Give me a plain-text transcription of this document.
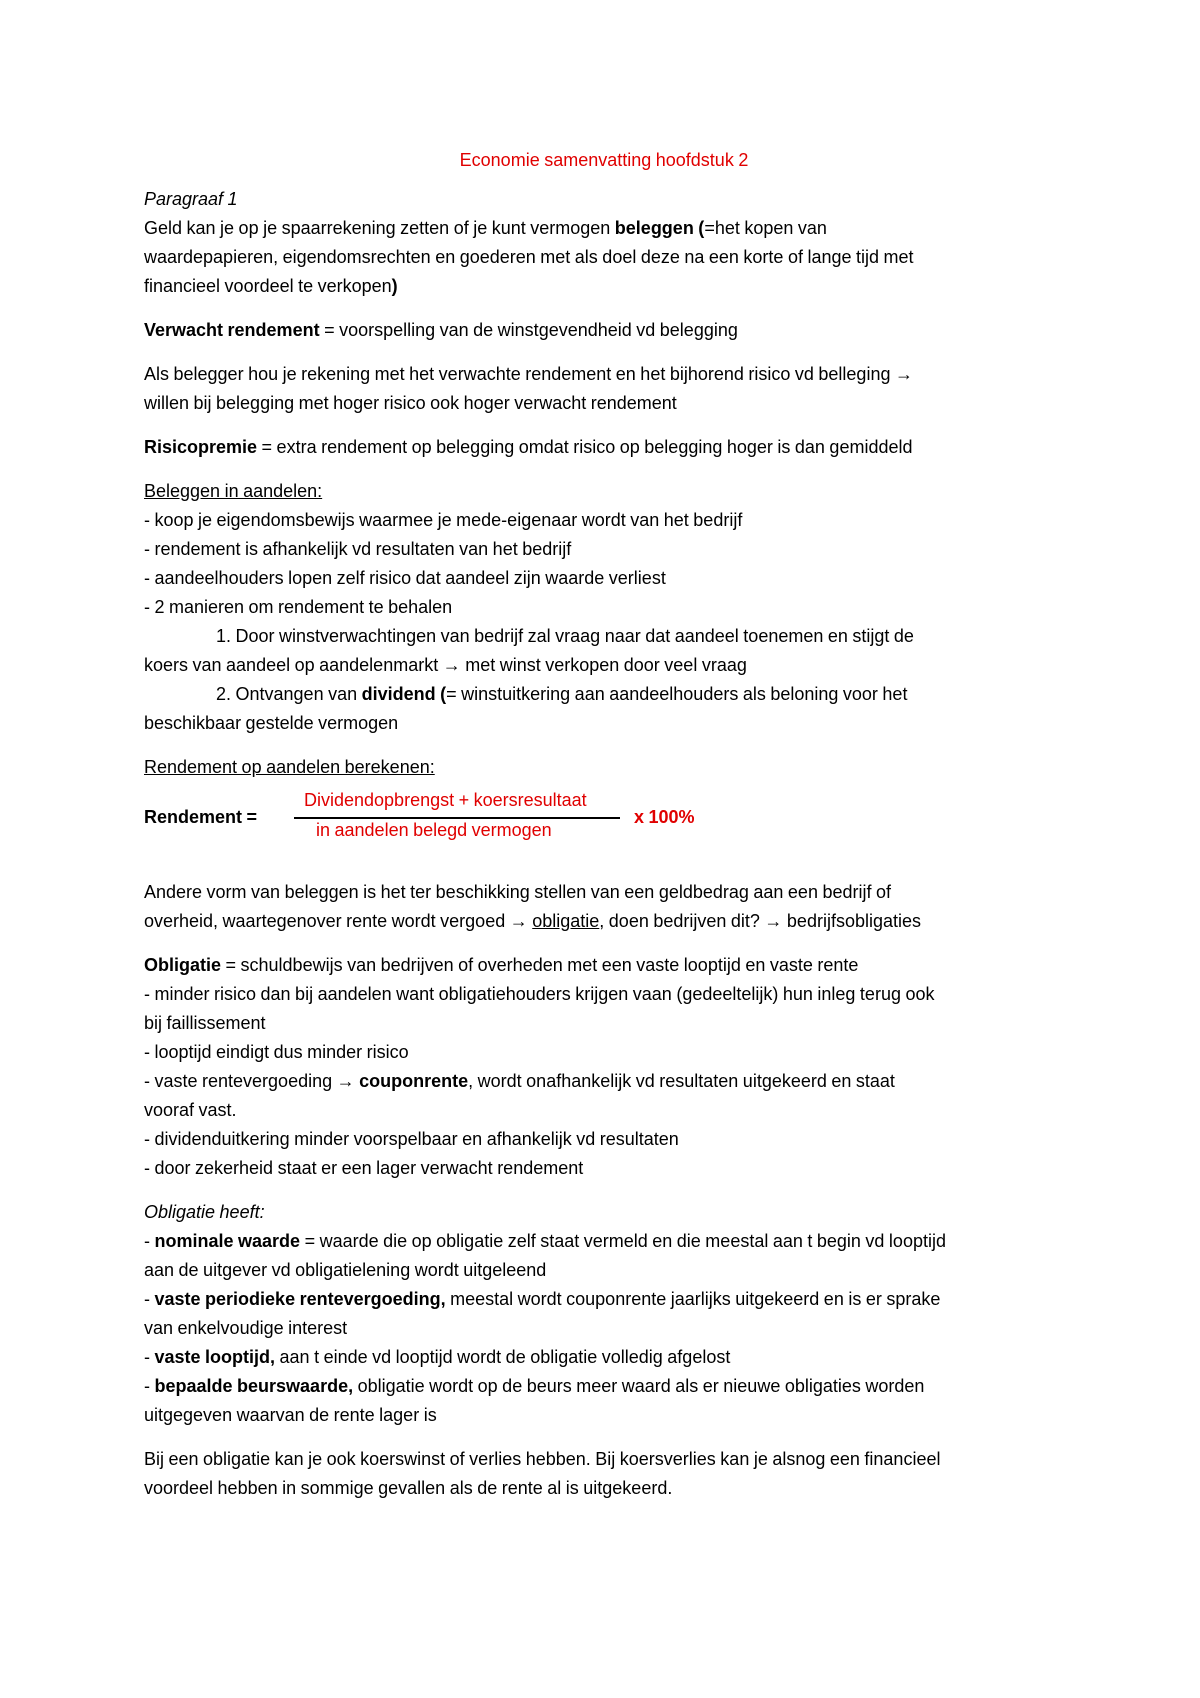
Economie samenvatting hoofdstuk 2
Paragraaf 1
Geld kan je op je spaarrekening zetten of je kunt vermogen beleggen (=het kopen van
waardepapieren, eigendomsrechten en goederen met als doel deze na een korte of lange tijd met
financieel voordeel te verkopen)
Verwacht rendement = voorspelling van de winstgevendheid vd belegging
Als belegger hou je rekening met het verwachte rendement en het bijhorend risico vd belleging →
willen bij belegging met hoger risico ook hoger verwacht rendement
Risicopremie = extra rendement op belegging omdat risico op belegging hoger is dan gemiddeld
Beleggen in aandelen:
- koop je eigendomsbewijs waarmee je mede-eigenaar wordt van het bedrijf
- rendement is afhankelijk vd resultaten van het bedrijf
- aandeelhouders lopen zelf risico dat aandeel zijn waarde verliest
- 2 manieren om rendement te behalen
1. Door winstverwachtingen van bedrijf zal vraag naar dat aandeel toenemen en stijgt de
koers van aandeel op aandelenmarkt → met winst verkopen door veel vraag
2. Ontvangen van dividend (= winstuitkering aan aandeelhouders als beloning voor het
beschikbaar gestelde vermogen
Rendement op aandelen berekenen:
Rendement =
Dividendopbrengst + koersresultaat
in aandelen belegd vermogen
x 100%
Andere vorm van beleggen is het ter beschikking stellen van een geldbedrag aan een bedrijf of
overheid, waartegenover rente wordt vergoed → obligatie, doen bedrijven dit? → bedrijfsobligaties
Obligatie = schuldbewijs van bedrijven of overheden met een vaste looptijd en vaste rente
- minder risico dan bij aandelen want obligatiehouders krijgen vaan (gedeeltelijk) hun inleg terug ook
bij faillissement
- looptijd eindigt dus minder risico
- vaste rentevergoeding → couponrente, wordt onafhankelijk vd resultaten uitgekeerd en staat
vooraf vast.
- dividenduitkering minder voorspelbaar en afhankelijk vd resultaten
- door zekerheid staat er een lager verwacht rendement
Obligatie heeft:
- nominale waarde = waarde die op obligatie zelf staat vermeld en die meestal aan t begin vd looptijd
aan de uitgever vd obligatielening wordt uitgeleend
- vaste periodieke rentevergoeding, meestal wordt couponrente jaarlijks uitgekeerd en is er sprake
van enkelvoudige interest
- vaste looptijd, aan t einde vd looptijd wordt de obligatie volledig afgelost
- bepaalde beurswaarde, obligatie wordt op de beurs meer waard als er nieuwe obligaties worden
uitgegeven waarvan de rente lager is
Bij een obligatie kan je ook koerswinst of verlies hebben. Bij koersverlies kan je alsnog een financieel
voordeel hebben in sommige gevallen als de rente al is uitgekeerd.
